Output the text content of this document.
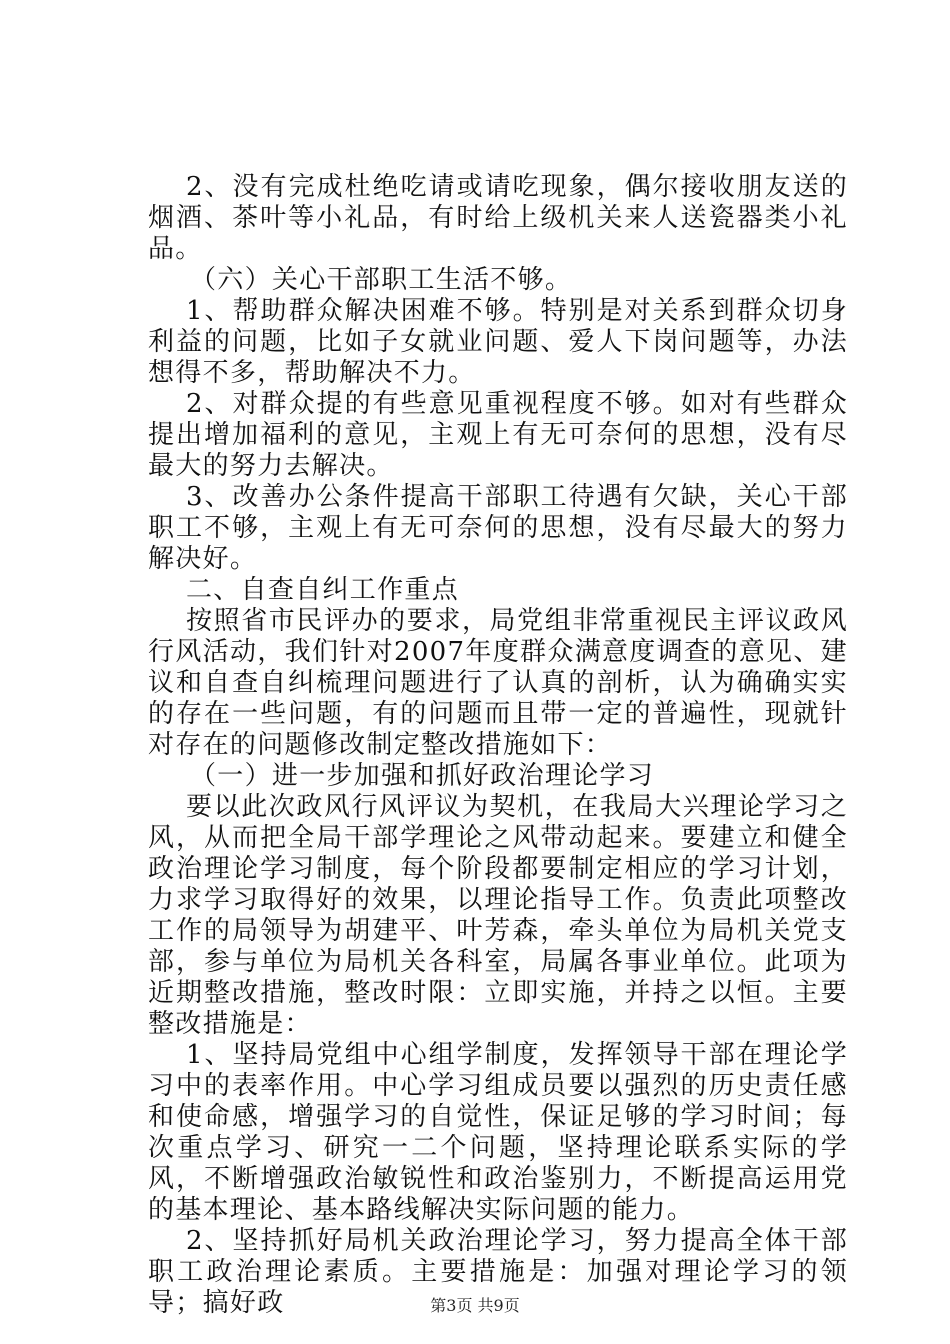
2、没有完成杜绝吃请或请吃现象，偶尔接收朋友送的烟酒、茶叶等小礼品，有时给上级机关来人送瓷器类小礼品。

（六）关心干部职工生活不够。

1、帮助群众解决困难不够。特别是对关系到群众切身利益的问题，比如子女就业问题、爱人下岗问题等，办法想得不多，帮助解决不力。

2、对群众提的有些意见重视程度不够。如对有些群众提出增加福利的意见，主观上有无可奈何的思想，没有尽最大的努力去解决。

3、改善办公条件提高干部职工待遇有欠缺，关心干部职工不够，主观上有无可奈何的思想，没有尽最大的努力解决好。

二、自查自纠工作重点

按照省市民评办的要求，局党组非常重视民主评议政风行风活动，我们针对2007年度群众满意度调查的意见、建议和自查自纠梳理问题进行了认真的剖析，认为确确实实的存在一些问题，有的问题而且带一定的普遍性，现就针对存在的问题修改制定整改措施如下：

（一）进一步加强和抓好政治理论学习

要以此次政风行风评议为契机，在我局大兴理论学习之风，从而把全局干部学理论之风带动起来。要建立和健全政治理论学习制度，每个阶段都要制定相应的学习计划，力求学习取得好的效果，以理论指导工作。负责此项整改工作的局领导为胡建平、叶芳森，牵头单位为局机关党支部，参与单位为局机关各科室，局属各事业单位。此项为近期整改措施，整改时限：立即实施，并持之以恒。主要整改措施是：

1、坚持局党组中心组学制度，发挥领导干部在理论学习中的表率作用。中心学习组成员要以强烈的历史责任感和使命感，增强学习的自觉性，保证足够的学习时间；每次重点学习、研究一二个问题，坚持理论联系实际的学风，不断增强政治敏锐性和政治鉴别力，不断提高运用党的基本理论、基本路线解决实际问题的能力。

2、坚持抓好局机关政治理论学习，努力提高全体干部职工政治理论素质。主要措施是：加强对理论学习的领导；搞好政	第3页 共9页
